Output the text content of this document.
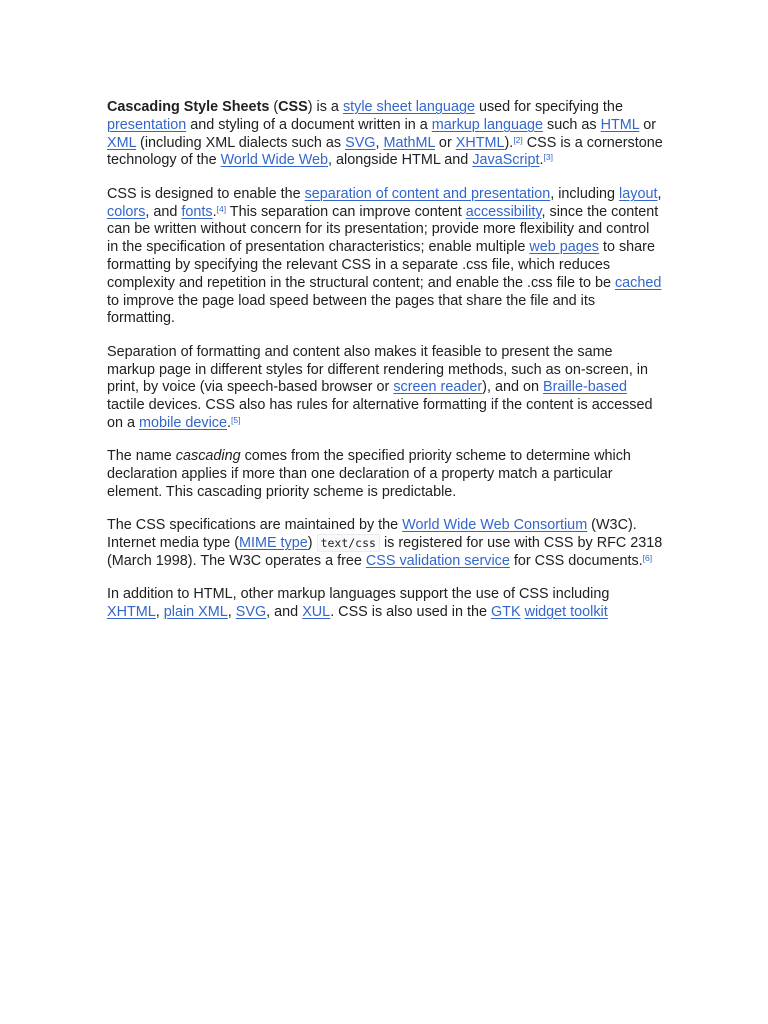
Cascading Style Sheets (CSS) is a style sheet language used for specifying the presentation and styling of a document written in a markup language such as HTML or XML (including XML dialects such as SVG, MathML or XHTML).[2] CSS is a cornerstone technology of the World Wide Web, alongside HTML and JavaScript.[3]

CSS is designed to enable the separation of content and presentation, including layout, colors, and fonts.[4] This separation can improve content accessibility, since the content can be written without concern for its presentation; provide more flexibility and control in the specification of presentation characteristics; enable multiple web pages to share formatting by specifying the relevant CSS in a separate .css file, which reduces complexity and repetition in the structural content; and enable the .css file to be cached to improve the page load speed between the pages that share the file and its formatting.

Separation of formatting and content also makes it feasible to present the same markup page in different styles for different rendering methods, such as on-screen, in print, by voice (via speech-based browser or screen reader), and on Braille-based tactile devices. CSS also has rules for alternative formatting if the content is accessed on a mobile device.[5]

The name cascading comes from the specified priority scheme to determine which declaration applies if more than one declaration of a property match a particular element. This cascading priority scheme is predictable.

The CSS specifications are maintained by the World Wide Web Consortium (W3C). Internet media type (MIME type) text/css is registered for use with CSS by RFC 2318 (March 1998). The W3C operates a free CSS validation service for CSS documents.[6]

In addition to HTML, other markup languages support the use of CSS including XHTML, plain XML, SVG, and XUL. CSS is also used in the GTK widget toolkit
